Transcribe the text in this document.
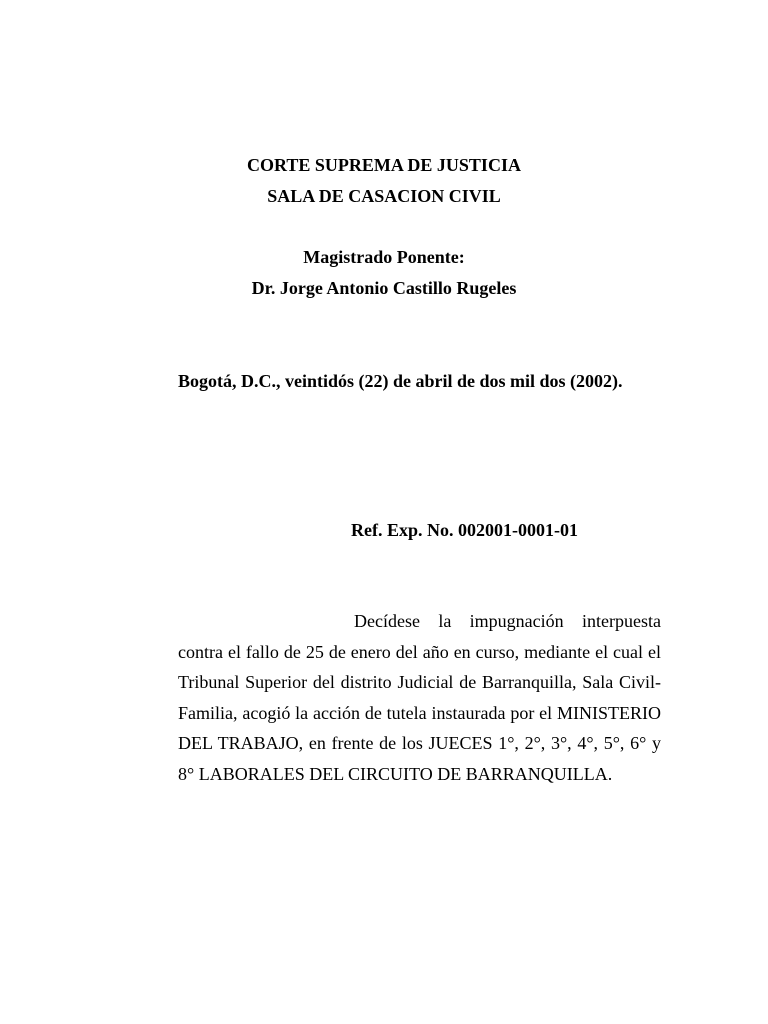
CORTE SUPREMA DE JUSTICIA
SALA DE CASACION CIVIL
Magistrado Ponente:
Dr. Jorge Antonio Castillo Rugeles
Bogotá, D.C., veintidós (22) de abril de dos mil dos (2002).
Ref. Exp. No. 002001-0001-01
Decídese la impugnación interpuesta contra el fallo de 25 de enero del año en curso, mediante el cual el Tribunal Superior del distrito Judicial de Barranquilla, Sala Civil-Familia, acogió la acción de tutela instaurada por el MINISTERIO DEL TRABAJO, en frente de los JUECES 1°, 2°, 3°, 4°, 5°, 6° y 8° LABORALES DEL CIRCUITO DE BARRANQUILLA.
